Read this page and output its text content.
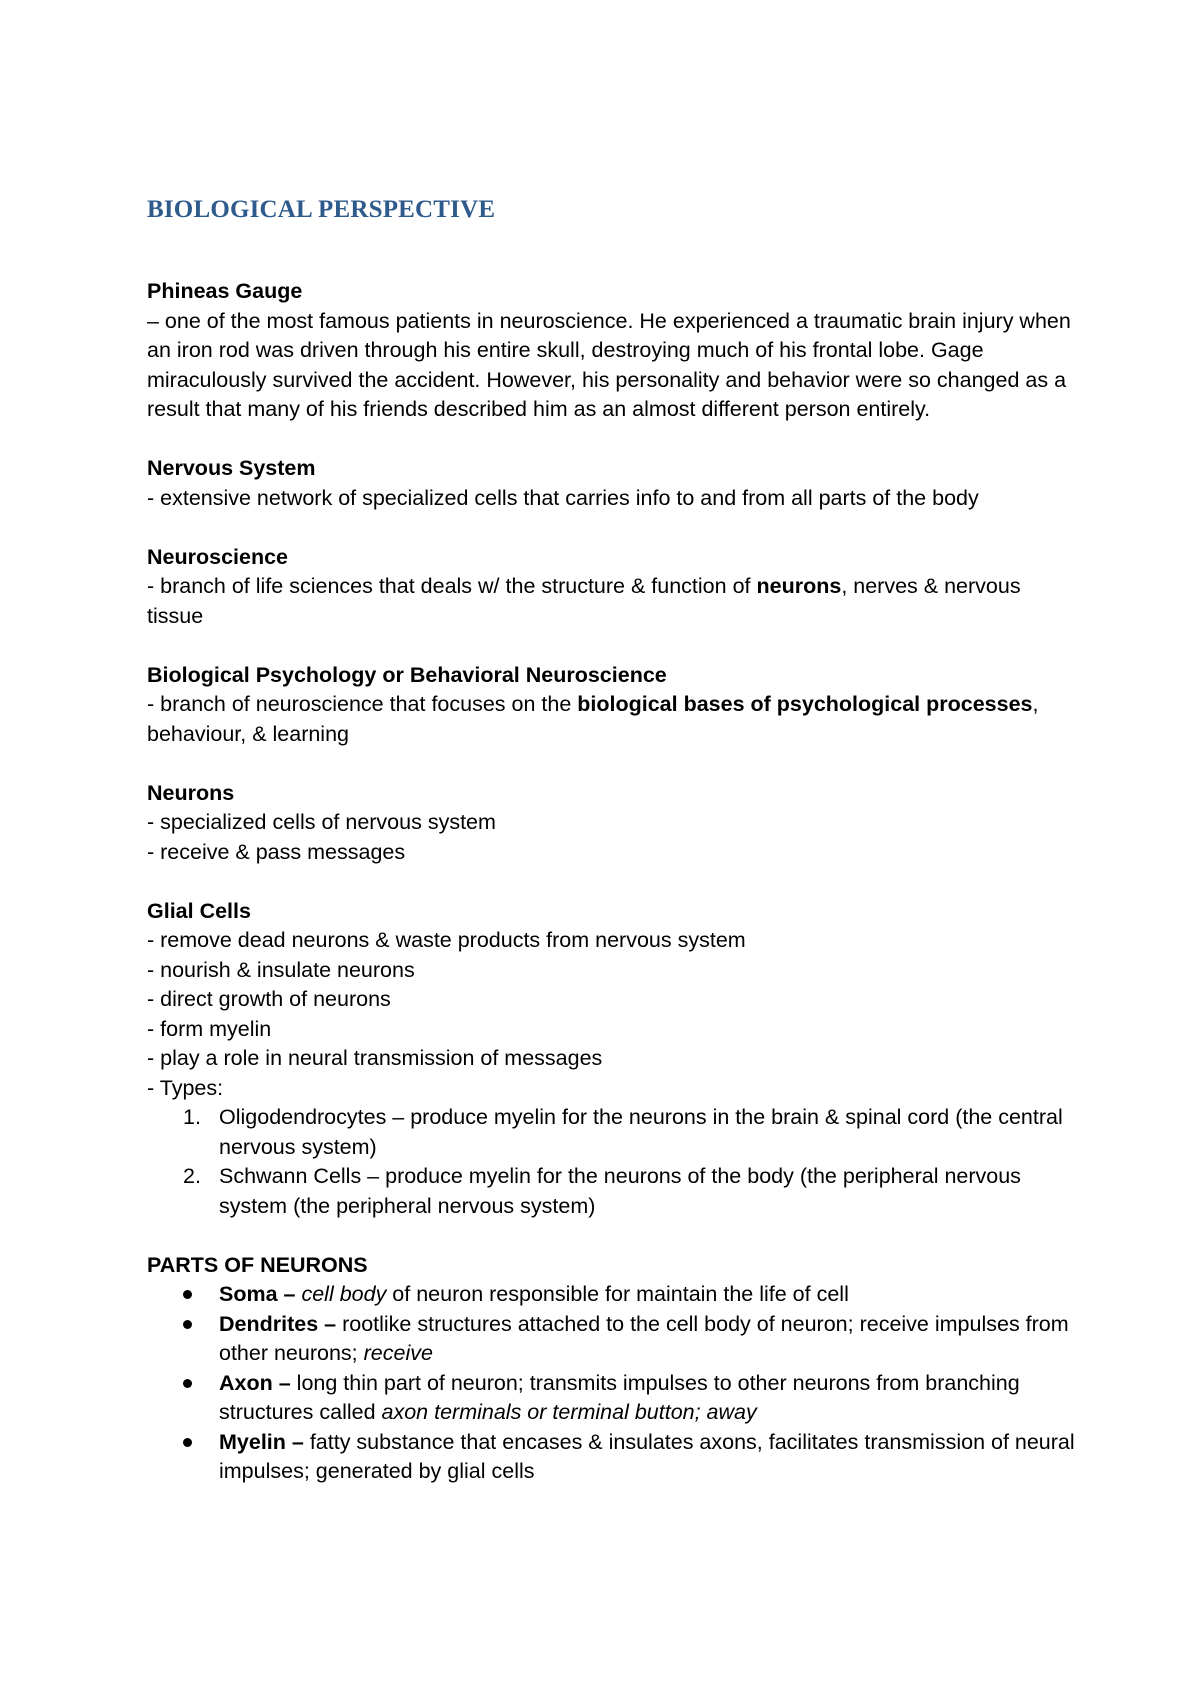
BIOLOGICAL PERSPECTIVE

Phineas Gauge

– one of the most famous patients in neuroscience. He experienced a traumatic brain injury when an iron rod was driven through his entire skull, destroying much of his frontal lobe. Gage miraculously survived the accident. However, his personality and behavior were so changed as a result that many of his friends described him as an almost different person entirely.

Nervous System

- extensive network of specialized cells that carries info to and from all parts of the body

Neuroscience

- branch of life sciences that deals w/ the structure & function of neurons, nerves & nervous tissue

Biological Psychology or Behavioral Neuroscience

- branch of neuroscience that focuses on the biological bases of psychological processes, behaviour, & learning

Neurons

- specialized cells of nervous system

- receive & pass messages

Glial Cells

- remove dead neurons & waste products from nervous system

- nourish & insulate neurons

- direct growth of neurons

- form myelin

- play a role in neural transmission of messages

- Types:

1. Oligodendrocytes – produce myelin for the neurons in the brain & spinal cord (the central nervous system)
2. Schwann Cells – produce myelin for the neurons of the body (the peripheral nervous system (the peripheral nervous system)

PARTS OF NEURONS

Soma – cell body of neuron responsible for maintain the life of cell
Dendrites – rootlike structures attached to the cell body of neuron; receive impulses from other neurons; receive
Axon – long thin part of neuron; transmits impulses to other neurons from branching structures called axon terminals or terminal button; away
Myelin – fatty substance that encases & insulates axons, facilitates transmission of neural impulses; generated by glial cells
